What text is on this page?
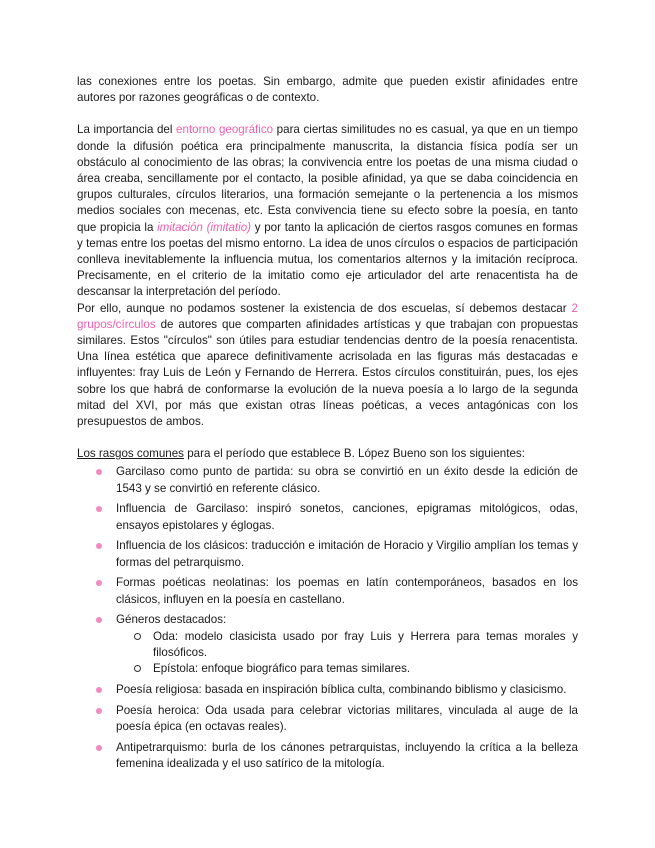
las conexiones entre los poetas. Sin embargo, admite que pueden existir afinidades entre autores por razones geográficas o de contexto.

La importancia del entorno geográfico para ciertas similitudes no es casual, ya que en un tiempo donde la difusión poética era principalmente manuscrita, la distancia física podía ser un obstáculo al conocimiento de las obras; la convivencia entre los poetas de una misma ciudad o área creaba, sencillamente por el contacto, la posible afinidad, ya que se daba coincidencia en grupos culturales, círculos literarios, una formación semejante o la pertenencia a los mismos medios sociales con mecenas, etc. Esta convivencia tiene su efecto sobre la poesía, en tanto que propicia la imitación (imitatio) y por tanto la aplicación de ciertos rasgos comunes en formas y temas entre los poetas del mismo entorno. La idea de unos círculos o espacios de participación conlleva inevitablemente la influencia mutua, los comentarios alternos y la imitación recíproca. Precisamente, en el criterio de la imitatio como eje articulador del arte renacentista ha de descansar la interpretación del período.

Por ello, aunque no podamos sostener la existencia de dos escuelas, sí debemos destacar 2 grupos/círculos de autores que comparten afinidades artísticas y que trabajan con propuestas similares. Estos "círculos" son útiles para estudiar tendencias dentro de la poesía renacentista. Una línea estética que aparece definitivamente acrisolada en las figuras más destacadas e influyentes: fray Luis de León y Fernando de Herrera. Estos círculos constituirán, pues, los ejes sobre los que habrá de conformarse la evolución de la nueva poesía a lo largo de la segunda mitad del XVI, por más que existan otras líneas poéticas, a veces antagónicas con los presupuestos de ambos.

Los rasgos comunes para el período que establece B. López Bueno son los siguientes:

Garcilaso como punto de partida: su obra se convirtió en un éxito desde la edición de 1543 y se convirtió en referente clásico.
Influencia de Garcilaso: inspiró sonetos, canciones, epigramas mitológicos, odas, ensayos epistolares y églogas.
Influencia de los clásicos: traducción e imitación de Horacio y Virgilio amplían los temas y formas del petrarquismo.
Formas poéticas neolatinas: los poemas en latín contemporáneos, basados en los clásicos, influyen en la poesía en castellano.
Géneros destacados:
Oda: modelo clasicista usado por fray Luis y Herrera para temas morales y filosóficos.
Epístola: enfoque biográfico para temas similares.
Poesía religiosa: basada en inspiración bíblica culta, combinando biblismo y clasicismo.
Poesía heroica: Oda usada para celebrar victorias militares, vinculada al auge de la poesía épica (en octavas reales).
Antipetrarquismo: burla de los cánones petrarquistas, incluyendo la crítica a la belleza femenina idealizada y el uso satírico de la mitología.
